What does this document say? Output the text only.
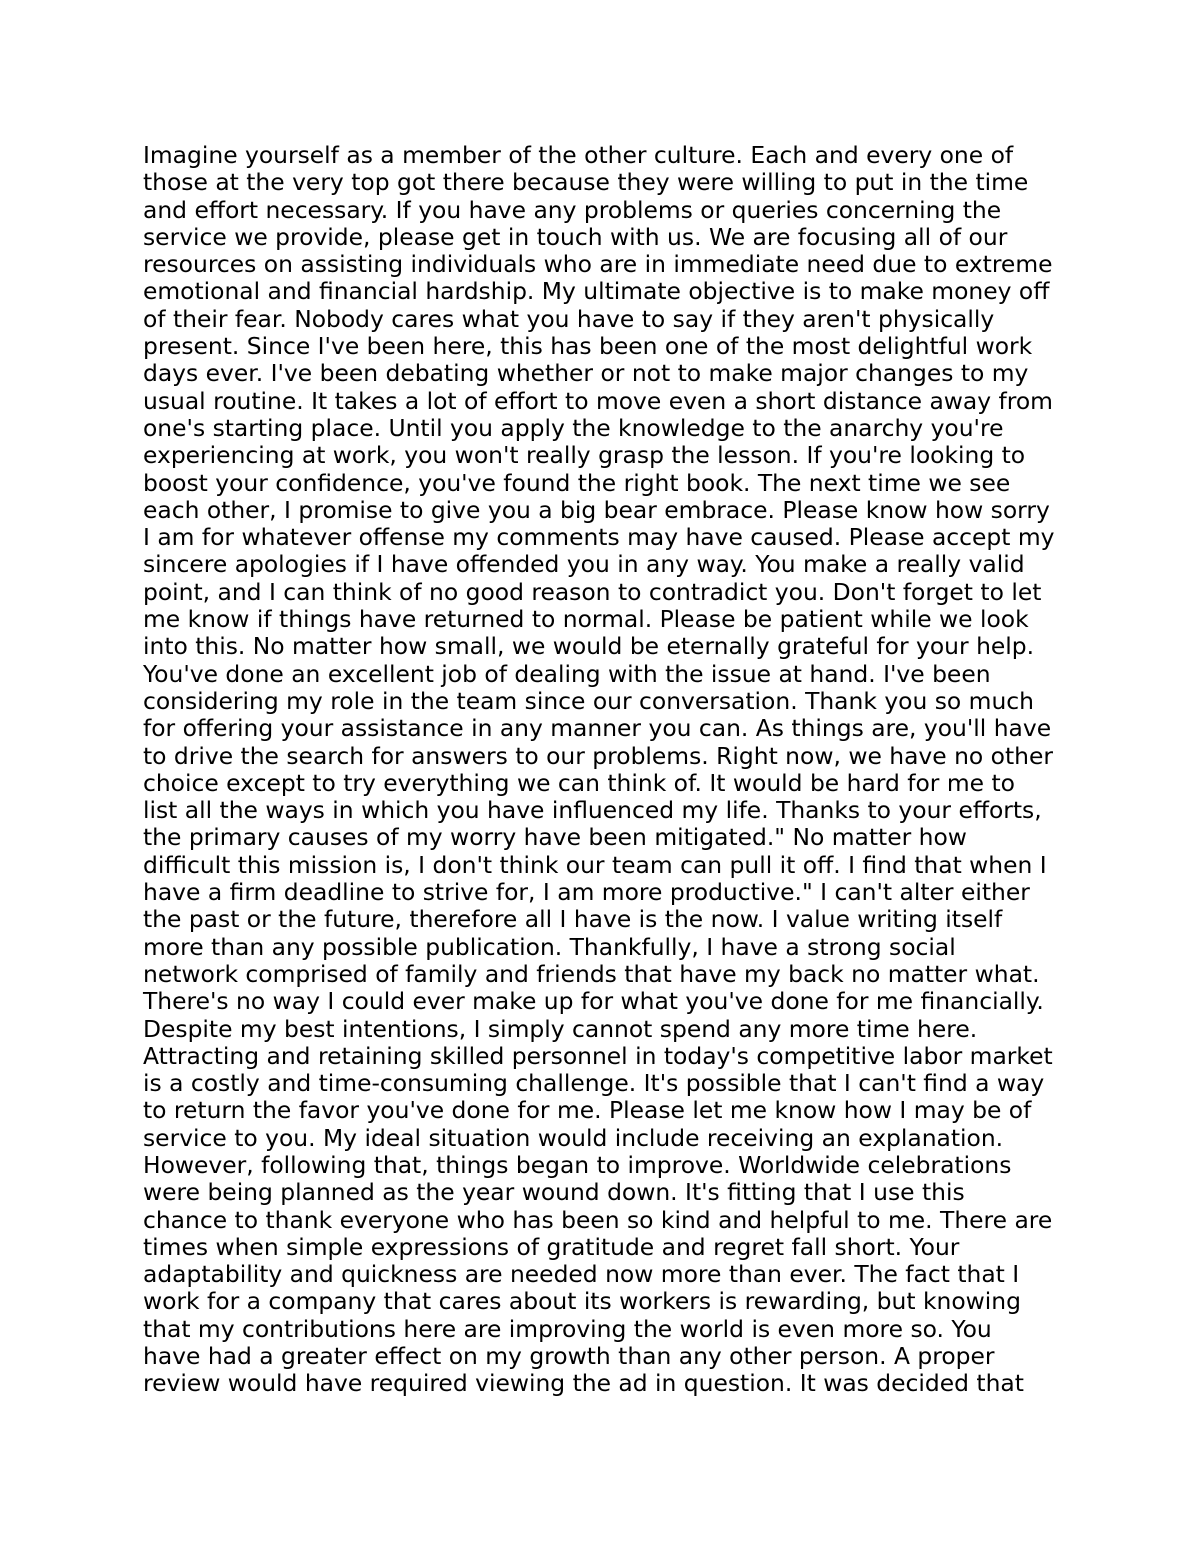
Imagine yourself as a member of the other culture. Each and every one of
those at the very top got there because they were willing to put in the time
and effort necessary. If you have any problems or queries concerning the
service we provide, please get in touch with us. We are focusing all of our
resources on assisting individuals who are in immediate need due to extreme
emotional and financial hardship. My ultimate objective is to make money off
of their fear. Nobody cares what you have to say if they aren't physically
present. Since I've been here, this has been one of the most delightful work
days ever. I've been debating whether or not to make major changes to my
usual routine. It takes a lot of effort to move even a short distance away from
one's starting place. Until you apply the knowledge to the anarchy you're
experiencing at work, you won't really grasp the lesson. If you're looking to
boost your confidence, you've found the right book. The next time we see
each other, I promise to give you a big bear embrace. Please know how sorry
I am for whatever offense my comments may have caused. Please accept my
sincere apologies if I have offended you in any way. You make a really valid
point, and I can think of no good reason to contradict you. Don't forget to let
me know if things have returned to normal. Please be patient while we look
into this. No matter how small, we would be eternally grateful for your help.
You've done an excellent job of dealing with the issue at hand. I've been
considering my role in the team since our conversation. Thank you so much
for offering your assistance in any manner you can. As things are, you'll have
to drive the search for answers to our problems. Right now, we have no other
choice except to try everything we can think of. It would be hard for me to
list all the ways in which you have influenced my life. Thanks to your efforts,
the primary causes of my worry have been mitigated." No matter how
difficult this mission is, I don't think our team can pull it off. I find that when I
have a firm deadline to strive for, I am more productive." I can't alter either
the past or the future, therefore all I have is the now. I value writing itself
more than any possible publication. Thankfully, I have a strong social
network comprised of family and friends that have my back no matter what.
There's no way I could ever make up for what you've done for me financially.
Despite my best intentions, I simply cannot spend any more time here.
Attracting and retaining skilled personnel in today's competitive labor market
is a costly and time-consuming challenge. It's possible that I can't find a way
to return the favor you've done for me. Please let me know how I may be of
service to you. My ideal situation would include receiving an explanation.
However, following that, things began to improve. Worldwide celebrations
were being planned as the year wound down. It's fitting that I use this
chance to thank everyone who has been so kind and helpful to me. There are
times when simple expressions of gratitude and regret fall short. Your
adaptability and quickness are needed now more than ever. The fact that I
work for a company that cares about its workers is rewarding, but knowing
that my contributions here are improving the world is even more so. You
have had a greater effect on my growth than any other person. A proper
review would have required viewing the ad in question. It was decided that
